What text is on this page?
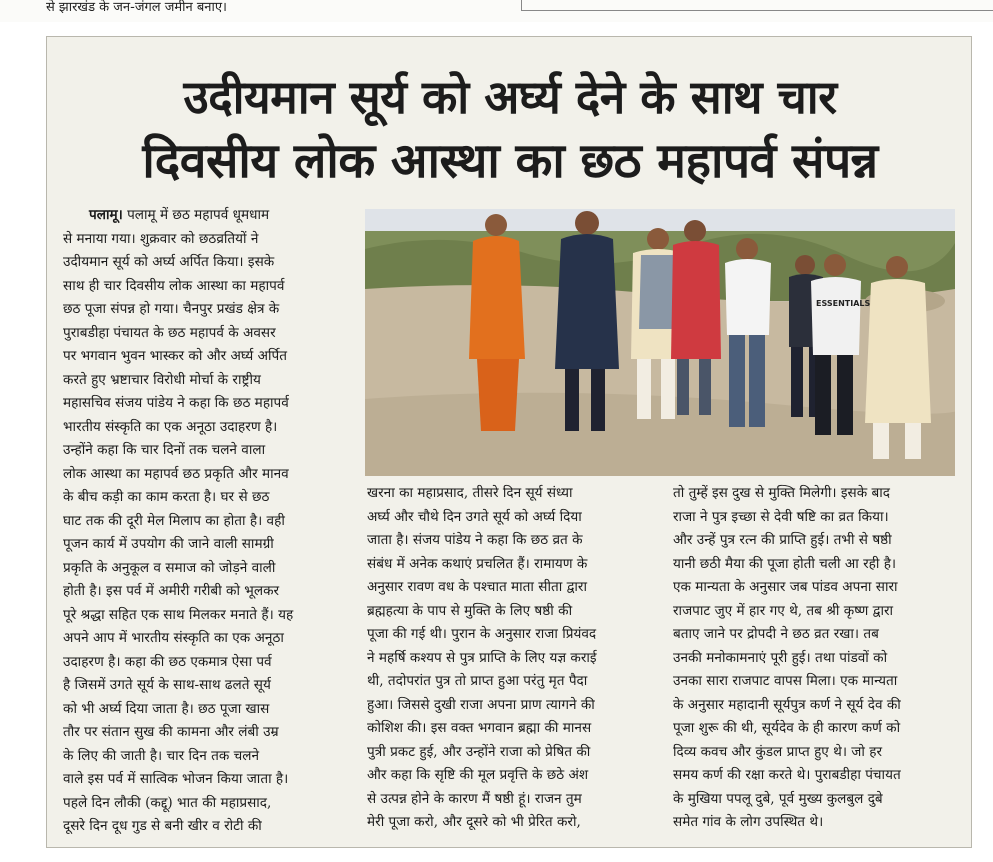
से झारखंड के जन-जंगल जमीन बनाए।
उदीयमान सूर्य को अर्घ्य देने के साथ चार
दिवसीय लोक आस्था का छठ महापर्व संपन्न
पलामू। पलामू में छठ महापर्व धूमधाम
से मनाया गया। शुक्रवार को छठव्रतियों ने
उदीयमान सूर्य को अर्घ्य अर्पित किया। इसके
साथ ही चार दिवसीय लोक आस्था का महापर्व
छठ पूजा संपन्न हो गया। चैनपुर प्रखंड क्षेत्र के
पुराबडीहा पंचायत के छठ महापर्व के अवसर
पर भगवान भुवन भास्कर को और अर्घ्य अर्पित
करते हुए भ्रष्टाचार विरोधी मोर्चा के राष्ट्रीय
महासचिव संजय पांडेय ने कहा कि छठ महापर्व
भारतीय संस्कृति का एक अनूठा उदाहरण है।
उन्होंने कहा कि चार दिनों तक चलने वाला
लोक आस्था का महापर्व छठ प्रकृति और मानव
के बीच कड़ी का काम करता है। घर से छठ
घाट तक की दूरी मेल मिलाप का होता है। वही
पूजन कार्य में उपयोग की जाने वाली सामग्री
प्रकृति के अनुकूल व समाज को जोड़ने वाली
होती है। इस पर्व में अमीरी गरीबी को भूलकर
पूरे श्रद्धा सहित एक साथ मिलकर मनाते हैं। यह
अपने आप में भारतीय संस्कृति का एक अनूठा
उदाहरण है। कहा की छठ एकमात्र ऐसा पर्व
है जिसमें उगते सूर्य के साथ-साथ ढलते सूर्य
को भी अर्घ्य दिया जाता है। छठ पूजा खास
तौर पर संतान सुख की कामना और लंबी उम्र
के लिए की जाती है। चार दिन तक चलने
वाले इस पर्व में सात्विक भोजन किया जाता है।
पहले दिन लौकी (कद्दू) भात की महाप्रसाद,
दूसरे दिन दूध गुड से बनी खीर व रोटी की
ESSENTIALS
खरना का महाप्रसाद, तीसरे दिन सूर्य संध्या
अर्घ्य और चौथे दिन उगते सूर्य को अर्घ्य दिया
जाता है। संजय पांडेय ने कहा कि छठ व्रत के
संबंध में अनेक कथाएं प्रचलित हैं। रामायण के
अनुसार रावण वध के पश्चात माता सीता द्वारा
ब्रह्महत्या के पाप से मुक्ति के लिए षष्ठी की
पूजा की गई थी। पुरान के अनुसार राजा प्रियंवद
ने महर्षि कश्यप से पुत्र प्राप्ति के लिए यज्ञ कराई
थी, तदोपरांत पुत्र तो प्राप्त हुआ परंतु मृत पैदा
हुआ। जिससे दुखी राजा अपना प्राण त्यागने की
कोशिश की। इस वक्त भगवान ब्रह्मा की मानस
पुत्री प्रकट हुई, और उन्होंने राजा को प्रेषित की
और कहा कि सृष्टि की मूल प्रवृत्ति के छठे अंश
से उत्पन्न होने के कारण मैं षष्ठी हूं। राजन तुम
मेरी पूजा करो, और दूसरे को भी प्रेरित करो,
तो तुम्हें इस दुख से मुक्ति मिलेगी। इसके बाद
राजा ने पुत्र इच्छा से देवी षष्टि का व्रत किया।
और उन्हें पुत्र रत्न की प्राप्ति हुई। तभी से षष्ठी
यानी छठी मैया की पूजा होती चली आ रही है।
एक मान्यता के अनुसार जब पांडव अपना सारा
राजपाट जुए में हार गए थे, तब श्री कृष्ण द्वारा
बताए जाने पर द्रोपदी ने छठ व्रत रखा। तब
उनकी मनोकामनाएं पूरी हुई। तथा पांडवों को
उनका सारा राजपाट वापस मिला। एक मान्यता
के अनुसार महादानी सूर्यपुत्र कर्ण ने सूर्य देव की
पूजा शुरू की थी, सूर्यदेव के ही कारण कर्ण को
दिव्य कवच और कुंडल प्राप्त हुए थे। जो हर
समय कर्ण की रक्षा करते थे। पुराबडीहा पंचायत
के मुखिया पपलू दुबे, पूर्व मुख्य कुलबुल दुबे
समेत गांव के लोग उपस्थित थे।
